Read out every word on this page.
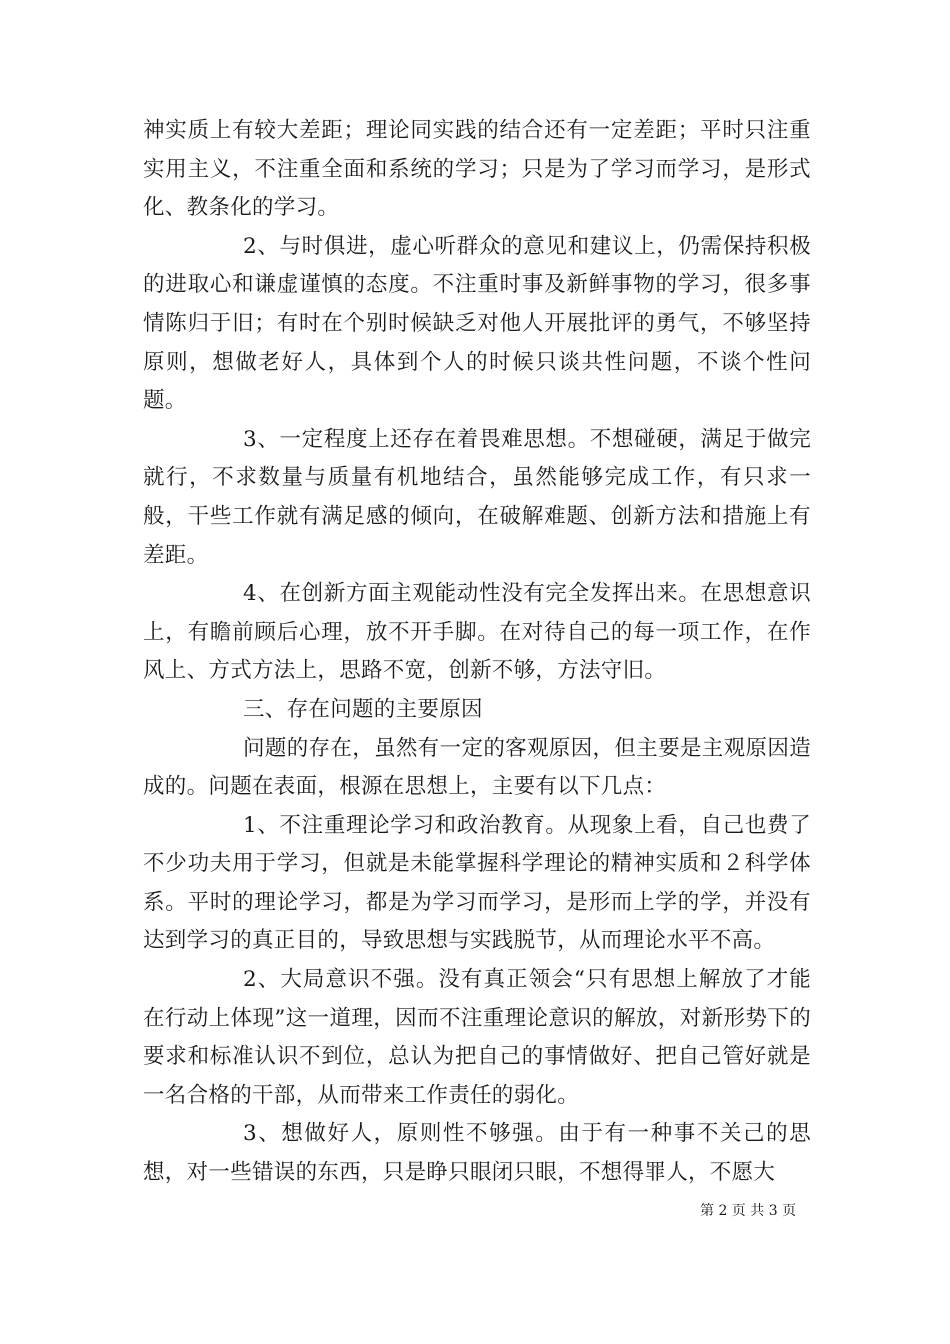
神实质上有较大差距；理论同实践的结合还有一定差距；平时只注重实用主义，不注重全面和系统的学习；只是为了学习而学习，是形式化、教条化的学习。

2、与时俱进，虚心听群众的意见和建议上，仍需保持积极的进取心和谦虚谨慎的态度。不注重时事及新鲜事物的学习，很多事情陈归于旧；有时在个别时候缺乏对他人开展批评的勇气，不够坚持原则，想做老好人，具体到个人的时候只谈共性问题，不谈个性问题。

3、一定程度上还存在着畏难思想。不想碰硬，满足于做完就行，不求数量与质量有机地结合，虽然能够完成工作，有只求一般，干些工作就有满足感的倾向，在破解难题、创新方法和措施上有差距。

4、在创新方面主观能动性没有完全发挥出来。在思想意识上，有瞻前顾后心理，放不开手脚。在对待自己的每一项工作，在作风上、方式方法上，思路不宽，创新不够，方法守旧。

三、存在问题的主要原因

问题的存在，虽然有一定的客观原因，但主要是主观原因造成的。问题在表面，根源在思想上，主要有以下几点：

1、不注重理论学习和政治教育。从现象上看，自己也费了不少功夫用于学习，但就是未能掌握科学理论的精神实质和２科学体系。平时的理论学习，都是为学习而学习，是形而上学的学，并没有达到学习的真正目的，导致思想与实践脱节，从而理论水平不高。

2、大局意识不强。没有真正领会“只有思想上解放了才能在行动上体现”这一道理，因而不注重理论意识的解放，对新形势下的要求和标准认识不到位，总认为把自己的事情做好、把自己管好就是一名合格的干部，从而带来工作责任的弱化。

3、想做好人，原则性不够强。由于有一种事不关己的思想，对一些错误的东西，只是睁只眼闭只眼，不想得罪人，不愿大

第 2 页 共 3 页
